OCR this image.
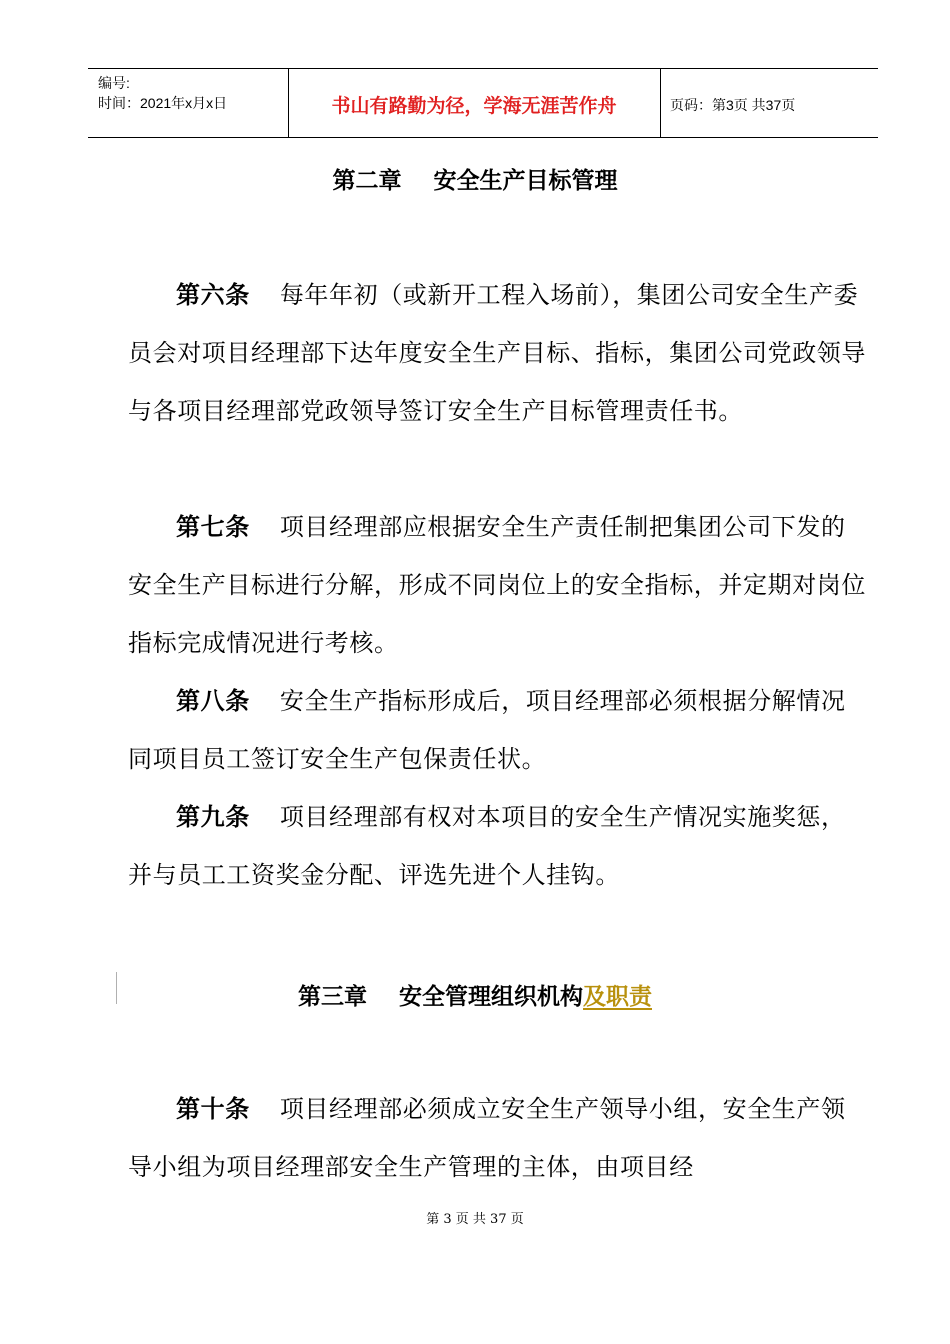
编号:
时间：2021年x月x日	书山有路勤为径，学海无涯苦作舟	页码：第3页 共37页
第二章 安全生产目标管理

第六条 每年年初（或新开工程入场前），集团公司安全生产委员会对项目经理部下达年度安全生产目标、指标，集团公司党政领导与各项目经理部党政领导签订安全生产目标管理责任书。

第七条 项目经理部应根据安全生产责任制把集团公司下发的安全生产目标进行分解，形成不同岗位上的安全指标，并定期对岗位指标完成情况进行考核。

第八条 安全生产指标形成后，项目经理部必须根据分解情况同项目员工签订安全生产包保责任状。

第九条 项目经理部有权对本项目的安全生产情况实施奖惩，并与员工工资奖金分配、评选先进个人挂钩。

第三章 安全管理组织机构及职责

第十条 项目经理部必须成立安全生产领导小组，安全生产领导小组为项目经理部安全生产管理的主体，由项目经

第 3 页 共 37 页
